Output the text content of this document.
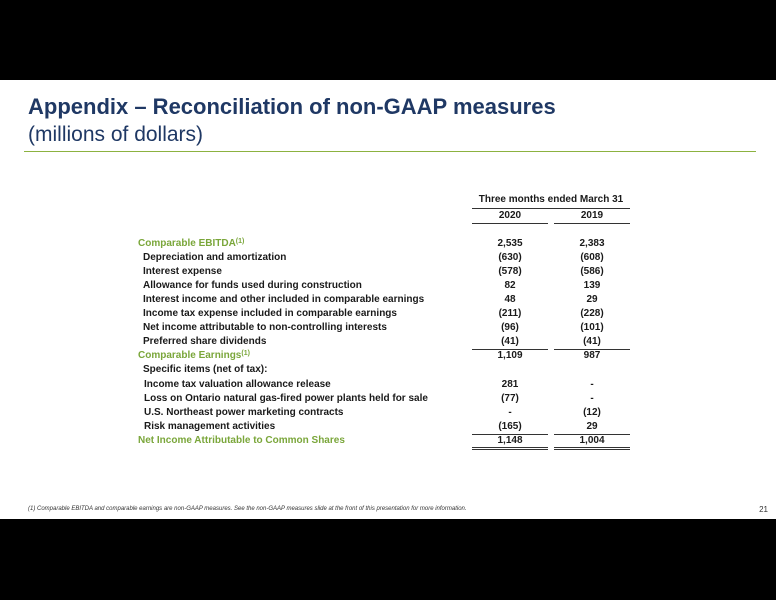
Appendix – Reconciliation of non-GAAP measures
(millions of dollars)
Three months ended March 31
2020	2019
Comparable EBITDA$^{(1)}$	2,535	2,383
Depreciation and amortization	(630)	(608)
Interest expense	(578)	(586)
Allowance for funds used during construction	82	139
Interest income and other included in comparable earnings	48	29
Income tax expense included in comparable earnings	(211)	(228)
Net income attributable to non-controlling interests	(96)	(101)
Preferred share dividends	(41)	(41)
Comparable Earnings$^{(1)}$	1,109	987
Specific items (net of tax):
Income tax valuation allowance release	281	-
Loss on Ontario natural gas-fired power plants held for sale	(77)	-
U.S. Northeast power marketing contracts	-	(12)
Risk management activities	(165)	29
Net Income Attributable to Common Shares	1,148	1,004
(1) Comparable EBITDA and comparable earnings are non-GAAP measures. See the non-GAAP measures slide at the front of this presentation for more information.	21
